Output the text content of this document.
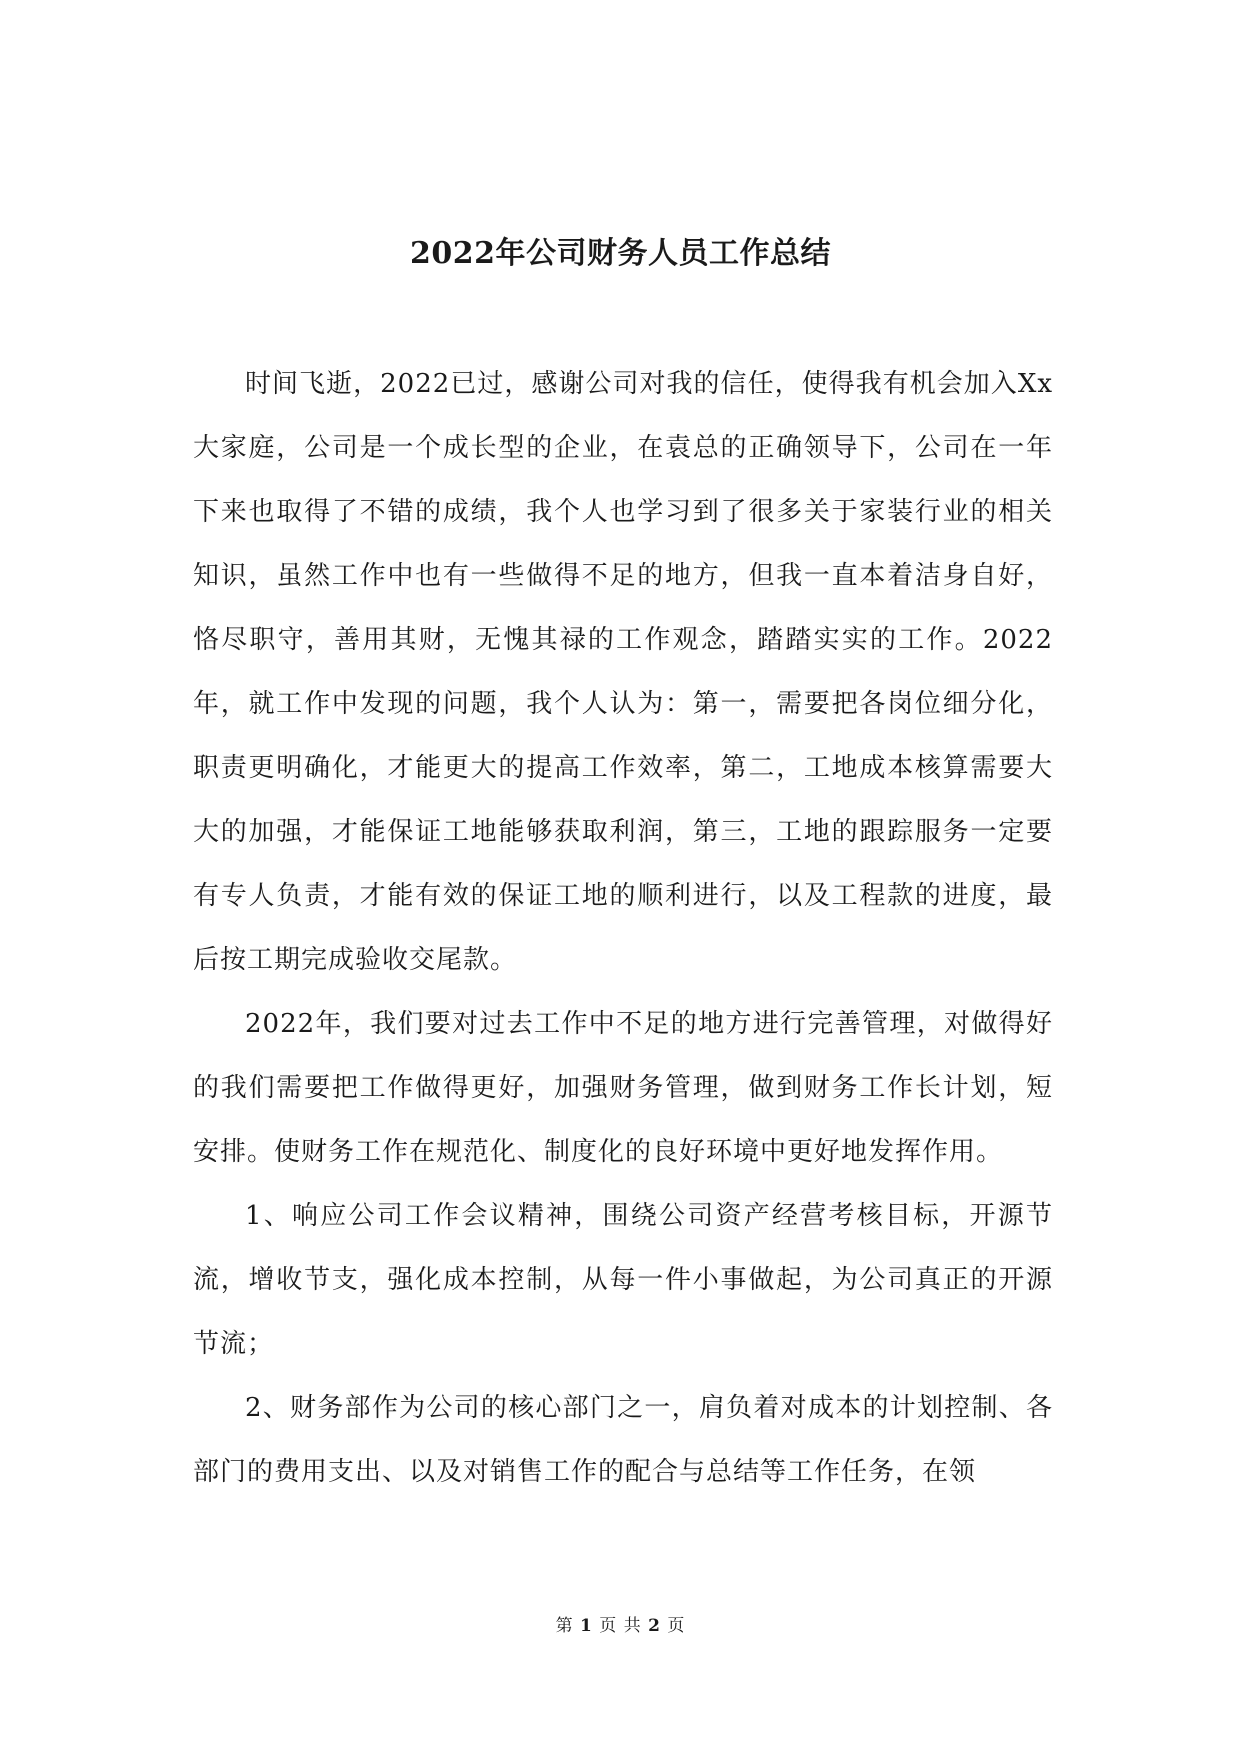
2022年公司财务人员工作总结

时间飞逝，2022已过，感谢公司对我的信任，使得我有机会加入Xx大家庭，公司是一个成长型的企业，在袁总的正确领导下，公司在一年下来也取得了不错的成绩，我个人也学习到了很多关于家装行业的相关知识，虽然工作中也有一些做得不足的地方，但我一直本着洁身自好，恪尽职守，善用其财，无愧其禄的工作观念，踏踏实实的工作。2022年，就工作中发现的问题，我个人认为：第一，需要把各岗位细分化，职责更明确化，才能更大的提高工作效率，第二，工地成本核算需要大大的加强，才能保证工地能够获取利润，第三，工地的跟踪服务一定要有专人负责，才能有效的保证工地的顺利进行，以及工程款的进度，最后按工期完成验收交尾款。

2022年，我们要对过去工作中不足的地方进行完善管理，对做得好的我们需要把工作做得更好，加强财务管理，做到财务工作长计划，短安排。使财务工作在规范化、制度化的良好环境中更好地发挥作用。

1、响应公司工作会议精神，围绕公司资产经营考核目标，开源节流，增收节支，强化成本控制，从每一件小事做起，为公司真正的开源节流；

2、财务部作为公司的核心部门之一，肩负着对成本的计划控制、各部门的费用支出、以及对销售工作的配合与总结等工作任务，在领

第 1 页 共 2 页
